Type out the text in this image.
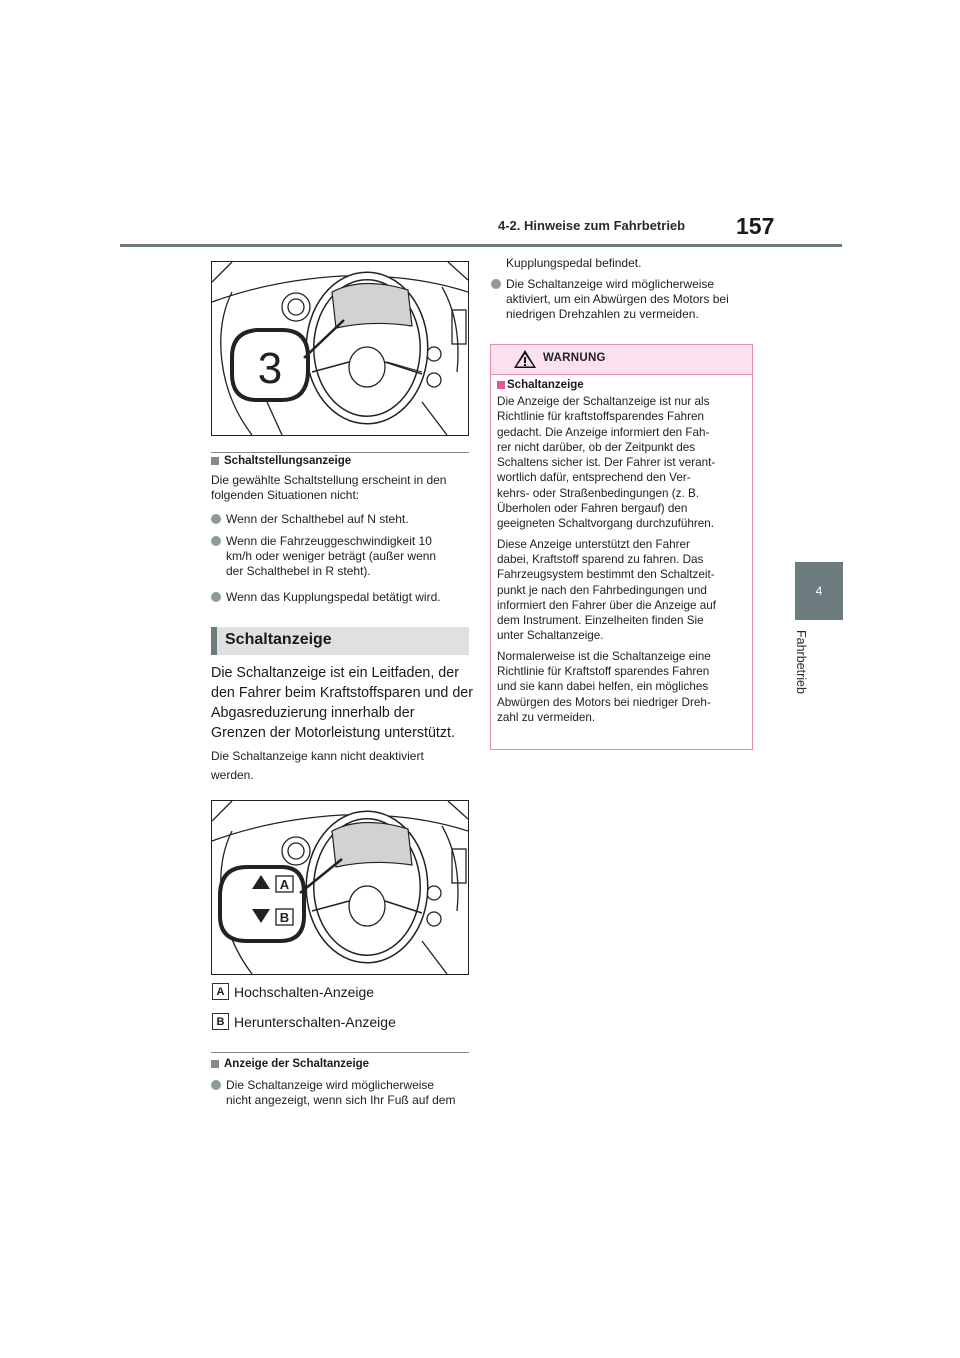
4-2. Hinweise zum Fahrbetrieb 157
4
Fahrbetrieb
3
Schaltstellungsanzeige
Die gewählte Schaltstellung erscheint in den folgenden Situationen nicht:
Wenn der Schalthebel auf N steht.
Wenn die Fahrzeuggeschwindigkeit 10
km/h oder weniger beträgt (außer wenn
der Schalthebel in R steht).
Wenn das Kupplungspedal betätigt wird.
Schaltanzeige
Die Schaltanzeige ist ein Leitfaden, der den Fahrer beim Kraftstoffsparen und der Abgasreduzierung innerhalb der Grenzen der Motorleistung unterstützt.
Die Schaltanzeige kann nicht deaktiviert
werden.
A
B
A Hochschalten-Anzeige
B Herunterschalten-Anzeige
Anzeige der Schaltanzeige
Die Schaltanzeige wird möglicherweise
nicht angezeigt, wenn sich Ihr Fuß auf dem
Kupplungspedal befindet.
Die Schaltanzeige wird möglicherweise
aktiviert, um ein Abwürgen des Motors bei
niedrigen Drehzahlen zu vermeiden.
WARNUNG
Schaltanzeige
Die Anzeige der Schaltanzeige ist nur als
Richtlinie für kraftstoffsparendes Fahren
gedacht. Die Anzeige informiert den Fah-
rer nicht darüber, ob der Zeitpunkt des
Schaltens sicher ist. Der Fahrer ist verant-
wortlich dafür, entsprechend den Ver-
kehrs- oder Straßenbedingungen (z. B.
Überholen oder Fahren bergauf) den
geeigneten Schaltvorgang durchzuführen.
Diese Anzeige unterstützt den Fahrer
dabei, Kraftstoff sparend zu fahren. Das
Fahrzeugsystem bestimmt den Schaltzeit-
punkt je nach den Fahrbedingungen und
informiert den Fahrer über die Anzeige auf
dem Instrument. Einzelheiten finden Sie
unter Schaltanzeige.
Normalerweise ist die Schaltanzeige eine
Richtlinie für Kraftstoff sparendes Fahren
und sie kann dabei helfen, ein mögliches
Abwürgen des Motors bei niedriger Dreh-
zahl zu vermeiden.
